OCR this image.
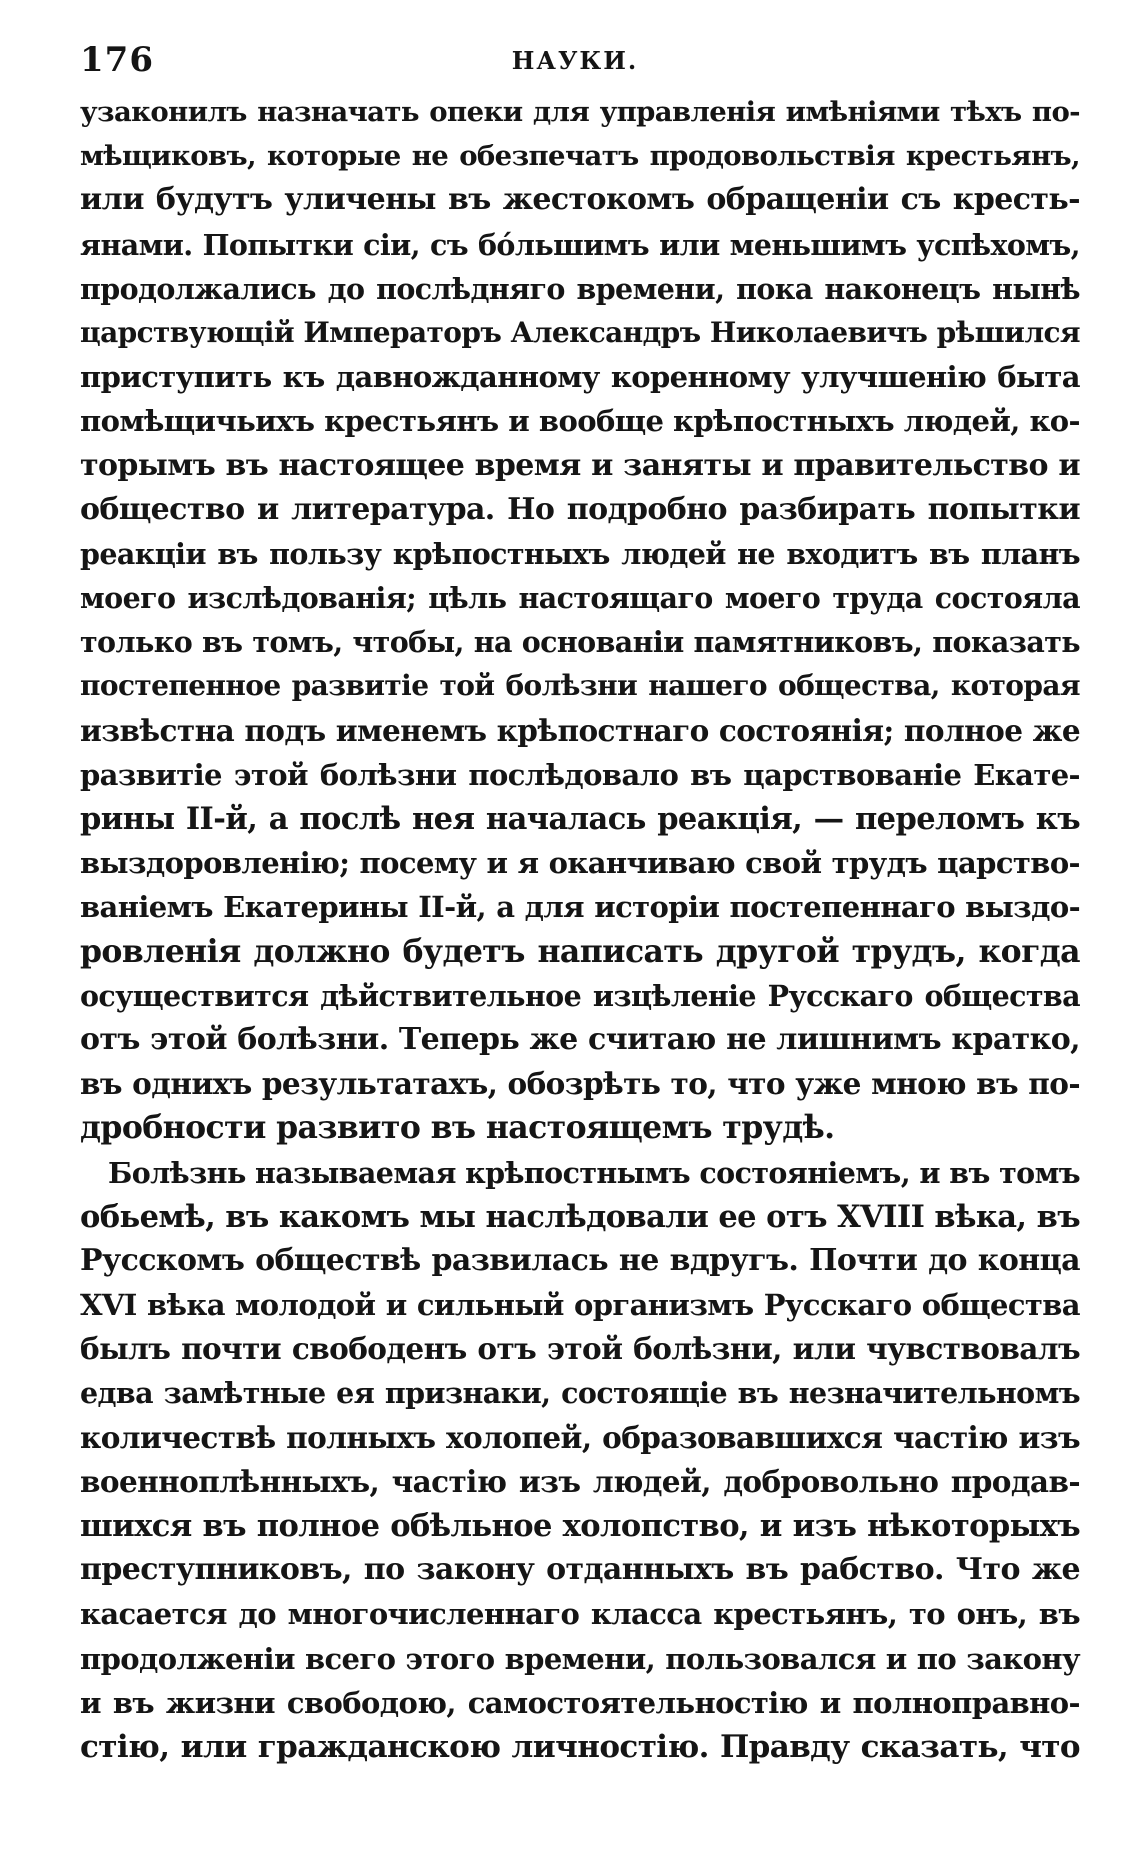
176	НАУКИ.
узаконилъ назначать опеки для управленія имѣніями тѣхъ по-
мѣщиковъ, которые не обезпечатъ продовольствія крестьянъ,
или будутъ уличены въ жестокомъ обращеніи съ кресть-
янами. Попытки сіи, съ бо́льшимъ или меньшимъ успѣхомъ,
продолжались до послѣдняго времени, пока наконецъ нынѣ
царствующій Императоръ Александръ Николаевичъ рѣшился
приступить къ давножданному коренному улучшенію быта
помѣщичьихъ крестьянъ и вообще крѣпостныхъ людей, ко-
торымъ въ настоящее время и заняты и правительство и
общество и литература. Но подробно разбирать попытки
реакціи въ пользу крѣпостныхъ людей не входитъ въ планъ
моего изслѣдованія; цѣль настоящаго моего труда состояла
только въ томъ, чтобы, на основаніи памятниковъ, показать
постепенное развитіе той болѣзни нашего общества, которая
извѣстна подъ именемъ крѣпостнаго состоянія; полное же
развитіе этой болѣзни послѣдовало въ царствованіе Екате-
рины II-й, а послѣ нея началась реакція, — переломъ къ
выздоровленію; посему и я оканчиваю свой трудъ царство-
ваніемъ Екатерины II-й, а для исторіи постепеннаго выздо-
ровленія должно будетъ написать другой трудъ, когда
осуществится дѣйствительное изцѣленіе Русскаго общества
отъ этой болѣзни. Теперь же считаю не лишнимъ кратко,
въ однихъ результатахъ, обозрѣть то, что уже мною въ по-
дробности развито въ настоящемъ трудѣ.
Болѣзнь называемая крѣпостнымъ состояніемъ, и въ томъ
обьемѣ, въ какомъ мы наслѣдовали ее отъ XVIII вѣка, въ
Русскомъ обществѣ развилась не вдругъ. Почти до конца
XVI вѣка молодой и сильный организмъ Русскаго общества
былъ почти свободенъ отъ этой болѣзни, или чувствовалъ
едва замѣтные ея признаки, состоящіе въ незначительномъ
количествѣ полныхъ холопей, образовавшихся частію изъ
военноплѣнныхъ, частію изъ людей, добровольно продав-
шихся въ полное обѣльное холопство, и изъ нѣкоторыхъ
преступниковъ, по закону отданныхъ въ рабство. Что же
касается до многочисленнаго класса крестьянъ, то онъ, въ
продолженіи всего этого времени, пользовался и по закону
и въ жизни свободою, самостоятельностію и полноправно-
стію, или гражданскою личностію. Правду сказать, что
